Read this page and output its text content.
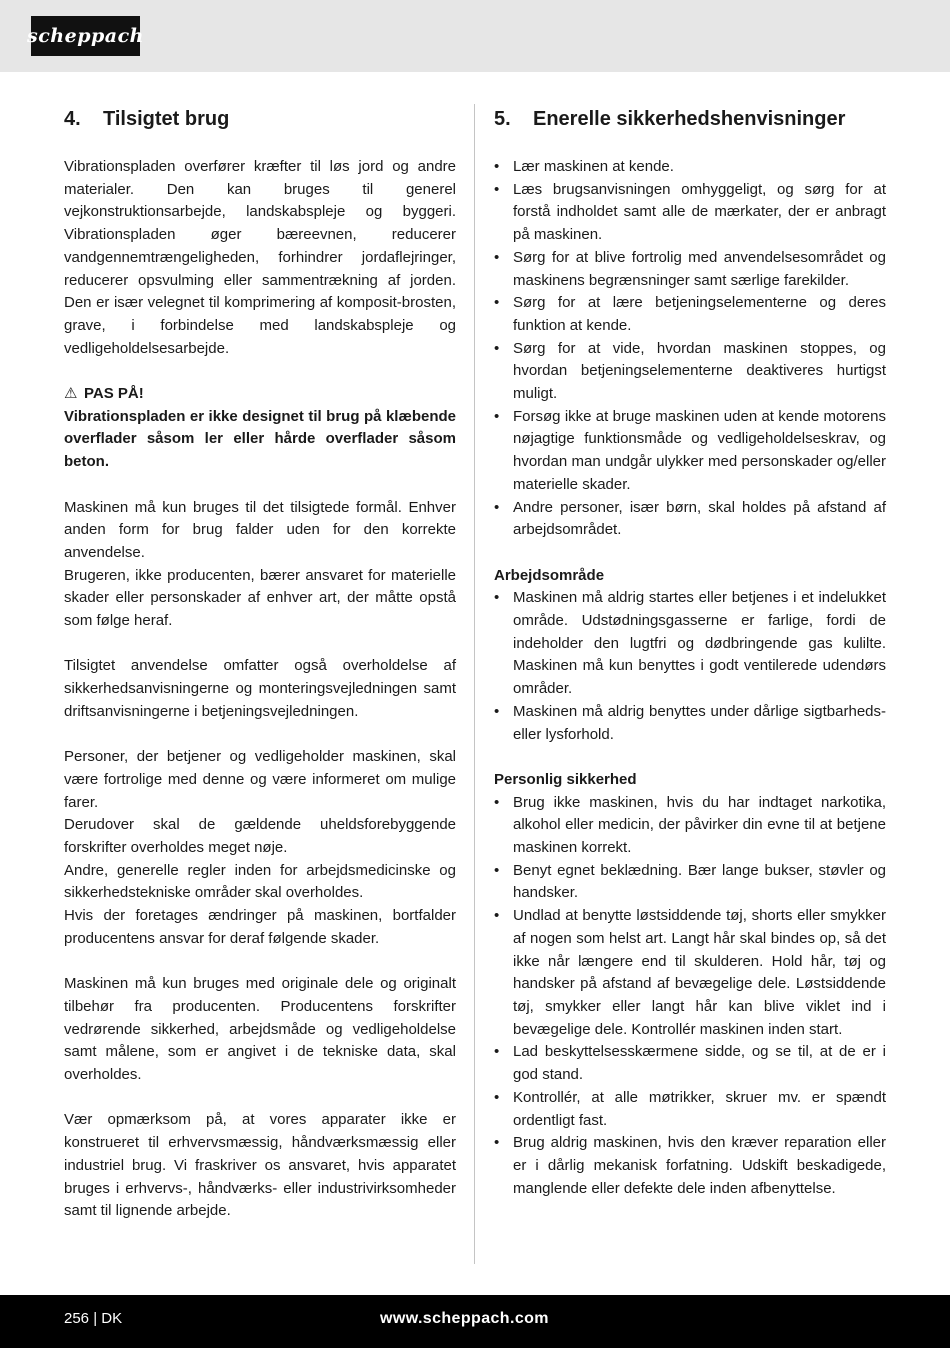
scheppach
4.	Tilsigtet brug

Vibrationspladen overfører kræfter til løs jord og andre materialer. Den kan bruges til generel vejkonstruktionsarbejde, landskabspleje og byggeri. Vibrationspladen øger bæreevnen, reducerer vandgennemtrængeligheden, forhindrer jordaflejringer, reducerer opsvulming eller sammentrækning af jorden. Den er især velegnet til komprimering af komposit-brosten, grave, i forbindelse med landskabspleje og vedligeholdelsesarbejde.

⚠ PAS PÅ!

Vibrationspladen er ikke designet til brug på klæbende overflader såsom ler eller hårde overflader såsom beton.

Maskinen må kun bruges til det tilsigtede formål. Enhver anden form for brug falder uden for den korrekte anvendelse.

Brugeren, ikke producenten, bærer ansvaret for materielle skader eller personskader af enhver art, der måtte opstå som følge heraf.

Tilsigtet anvendelse omfatter også overholdelse af sikkerhedsanvisningerne og monteringsvejledningen samt driftsanvisningerne i betjeningsvejledningen.

Personer, der betjener og vedligeholder maskinen, skal være fortrolige med denne og være informeret om mulige farer.

Derudover skal de gældende uheldsforebyggende forskrifter overholdes meget nøje.

Andre, generelle regler inden for arbejdsmedicinske og sikkerhedstekniske områder skal overholdes.

Hvis der foretages ændringer på maskinen, bortfalder producentens ansvar for deraf følgende skader.

Maskinen må kun bruges med originale dele og originalt tilbehør fra producenten. Producentens forskrifter vedrørende sikkerhed, arbejdsmåde og vedligeholdelse samt målene, som er angivet i de tekniske data, skal overholdes.

Vær opmærksom på, at vores apparater ikke er konstrueret til erhvervsmæssig, håndværksmæssig eller industriel brug. Vi fraskriver os ansvaret, hvis apparatet bruges i erhvervs-, håndværks- eller industrivirksomheder samt til lignende arbejde.

5.	Enerelle sikkerhedshenvisninger
• Lær maskinen at kende.
• Læs brugsanvisningen omhyggeligt, og sørg for at forstå indholdet samt alle de mærkater, der er anbragt på maskinen.
• Sørg for at blive fortrolig med anvendelsesområdet og maskinens begrænsninger samt særlige farekilder.
• Sørg for at lære betjeningselementerne og deres funktion at kende.
• Sørg for at vide, hvordan maskinen stoppes, og hvordan betjeningselementerne deaktiveres hurtigst muligt.
• Forsøg ikke at bruge maskinen uden at kende motorens nøjagtige funktionsmåde og vedligeholdelseskrav, og hvordan man undgår ulykker med personskader og/eller materielle skader.
• Andre personer, især børn, skal holdes på afstand af arbejdsområdet.
Arbejdsområde
• Maskinen må aldrig startes eller betjenes i et indelukket område. Udstødningsgasserne er farlige, fordi de indeholder den lugtfri og dødbringende gas kulilte. Maskinen må kun benyttes i godt ventilerede udendørs områder.
• Maskinen må aldrig benyttes under dårlige sigtbarheds- eller lysforhold.
Personlig sikkerhed
• Brug ikke maskinen, hvis du har indtaget narkotika, alkohol eller medicin, der påvirker din evne til at betjene maskinen korrekt.
• Benyt egnet beklædning. Bær lange bukser, støvler og handsker.
• Undlad at benytte løstsiddende tøj, shorts eller smykker af nogen som helst art. Langt hår skal bindes op, så det ikke når længere end til skulderen. Hold hår, tøj og handsker på afstand af bevægelige dele. Løstsiddende tøj, smykker eller langt hår kan blive viklet ind i bevægelige dele. Kontrollér maskinen inden start.
• Lad beskyttelsesskærmene sidde, og se til, at de er i god stand.
• Kontrollér, at alle møtrikker, skruer mv. er spændt ordentligt fast.
• Brug aldrig maskinen, hvis den kræver reparation eller er i dårlig mekanisk forfatning. Udskift beskadigede, manglende eller defekte dele inden afbenyttelse.
256 | DK	www.scheppach.com
